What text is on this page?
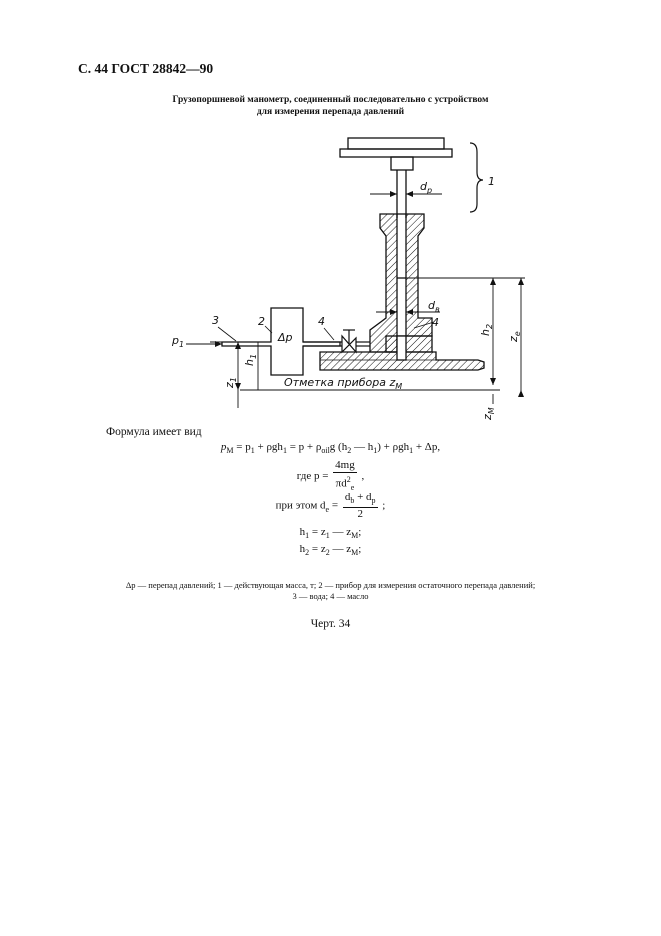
С. 44 ГОСТ 28842—90
Грузопоршневой манометр, соединенный последовательно с устройством
для измерения перепада давлений
1
$d_p$
$d_в$
4
$h_2$
$z_e$
$z_M$
Δp
2	4
3
$p_1$
$h_1$
$z_1$	Отметка прибора $z_M$
Формула имеет вид
$p_M = p_1 + \rho gh_1 = p + \rho_{oil}g$ ($h_2$ — $h_1) + \rho gh_1 + \Delta p$,
где $p = \frac{4mg}{\pi d^2_e}$ ,
при этом $d_e = \frac{d_b + d_p}{2}$ ;
$h_1 = z_1$ — $z_M$;
$h_2 = z_2$ — $z_M$;
Δp — перепад давлений; 1 — действующая масса, т; 2 — прибор для измерения остаточного перепада давлений;
3 — вода; 4 — масло
Черт. 34
